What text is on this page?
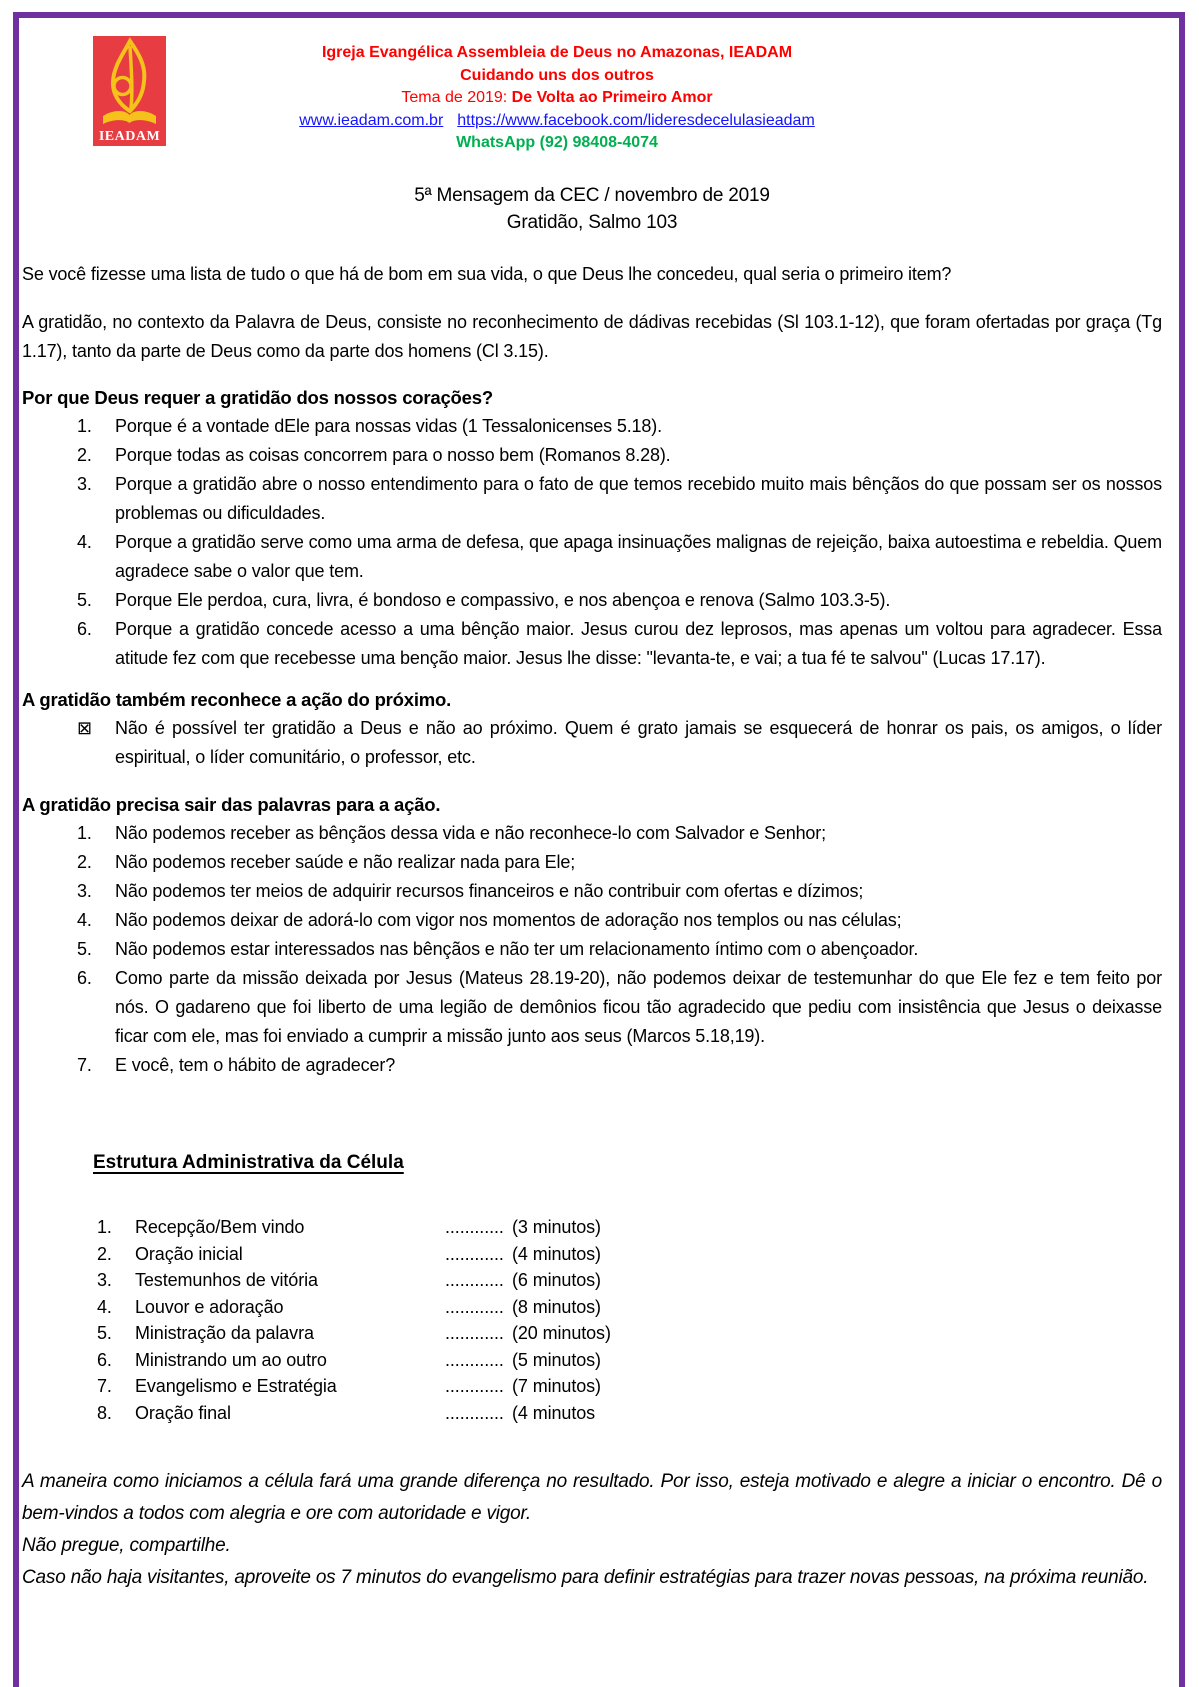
IEADAM
Igreja Evangélica Assembleia de Deus no Amazonas, IEADAM
Cuidando uns dos outros
Tema de 2019: De Volta ao Primeiro Amor
www.ieadam.com.br https://www.facebook.com/lideresdecelulasieadam
WhatsApp (92) 98408-4074
5ª Mensagem da CEC / novembro de 2019
Gratidão, Salmo 103

Se você fizesse uma lista de tudo o que há de bom em sua vida, o que Deus lhe concedeu, qual seria o primeiro item?

A gratidão, no contexto da Palavra de Deus, consiste no reconhecimento de dádivas recebidas (Sl 103.1-12), que foram ofertadas por graça (Tg 1.17), tanto da parte de Deus como da parte dos homens (Cl 3.15).

Por que Deus requer a gratidão dos nossos corações?
1.	Porque é a vontade dEle para nossas vidas (1 Tessalonicenses 5.18).
2.	Porque todas as coisas concorrem para o nosso bem (Romanos 8.28).
3.	Porque a gratidão abre o nosso entendimento para o fato de que temos recebido muito mais bênçãos do que possam ser os nossos problemas ou dificuldades.
4.	Porque a gratidão serve como uma arma de defesa, que apaga insinuações malignas de rejeição, baixa autoestima e rebeldia. Quem agradece sabe o valor que tem.
5.	Porque Ele perdoa, cura, livra, é bondoso e compassivo, e nos abençoa e renova (Salmo 103.3-5).
6.	Porque a gratidão concede acesso a uma bênção maior. Jesus curou dez leprosos, mas apenas um voltou para agradecer. Essa atitude fez com que recebesse uma benção maior. Jesus lhe disse: "levanta-te, e vai; a tua fé te salvou" (Lucas 17.17).
A gratidão também reconhece a ação do próximo.
⊠	Não é possível ter gratidão a Deus e não ao próximo. Quem é grato jamais se esquecerá de honrar os pais, os amigos, o líder espiritual, o líder comunitário, o professor, etc.
A gratidão precisa sair das palavras para a ação.
1.	Não podemos receber as bênçãos dessa vida e não reconhece-lo com Salvador e Senhor;
2.	Não podemos receber saúde e não realizar nada para Ele;
3.	Não podemos ter meios de adquirir recursos financeiros e não contribuir com ofertas e dízimos;
4.	Não podemos deixar de adorá-lo com vigor nos momentos de adoração nos templos ou nas células;
5.	Não podemos estar interessados nas bênçãos e não ter um relacionamento íntimo com o abençoador.
6.	Como parte da missão deixada por Jesus (Mateus 28.19-20), não podemos deixar de testemunhar do que Ele fez e tem feito por nós. O gadareno que foi liberto de uma legião de demônios ficou tão agradecido que pediu com insistência que Jesus o deixasse ficar com ele, mas foi enviado a cumprir a missão junto aos seus (Marcos 5.18,19).
7.	E você, tem o hábito de agradecer?
Estrutura Administrativa da Célula
1.	Recepção/Bem vindo	............ (3 minutos)
2.	Oração inicial	............ (4 minutos)
3.	Testemunhos de vitória	............ (6 minutos)
4.	Louvor e adoração	............ (8 minutos)
5.	Ministração da palavra	............ (20 minutos)
6.	Ministrando um ao outro	............ (5 minutos)
7.	Evangelismo e Estratégia	............ (7 minutos)
8.	Oração final	............ (4 minutos

A maneira como iniciamos a célula fará uma grande diferença no resultado. Por isso, esteja motivado e alegre a iniciar o encontro. Dê o bem-vindos a todos com alegria e ore com autoridade e vigor.

Não pregue, compartilhe.

Caso não haja visitantes, aproveite os 7 minutos do evangelismo para definir estratégias para trazer novas pessoas, na próxima reunião.
